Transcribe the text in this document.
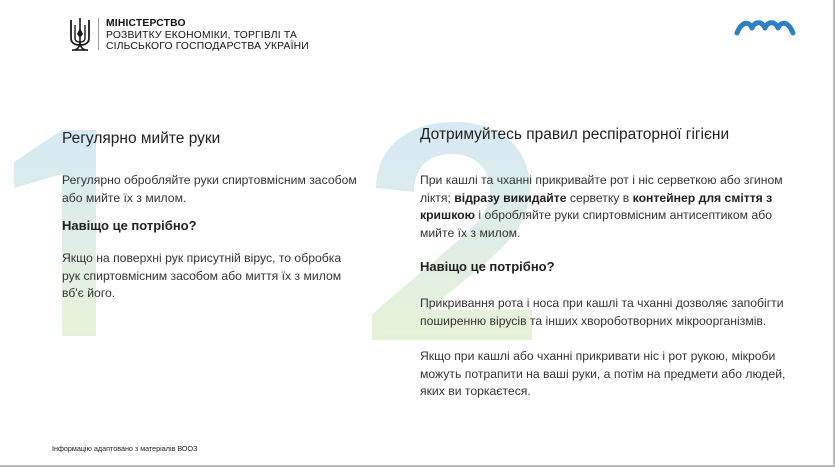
МІНІСТЕРСТВО
РОЗВИТКУ ЕКОНОМІКИ, ТОРГІВЛІ ТА
СІЛЬСЬКОГО ГОСПОДАРСТВА УКРАЇНИ
Регулярно мийте руки
Регулярно обробляйте руки спиртовмісним засобом або мийте їх з милом.
Навіщо це потрібно?
Якщо на поверхні рук присутній вірус, то обробка рук спиртовмісним засобом або миття їх з милом вб'є його.
Дотримуйтесь правил респіраторної гігієни
При кашлі та чханні прикривайте рот і ніс серветкою або згином ліктя; відразу викидайте серветку в контейнер для сміття з кришкою і обробляйте руки спиртовмісним антисептиком або мийте їх з милом.
Навіщо це потрібно?
Прикривання рота і носа при кашлі та чханні дозволяє запобігти поширенню вірусів та інших хвороботворних мікроорганізмів.
Якщо при кашлі або чханні прикривати ніс і рот рукою, мікроби можуть потрапити на ваші руки, а потім на предмети або людей, яких ви торкаєтеся.
Інформацію адаптовано з матеріалів ВООЗ
